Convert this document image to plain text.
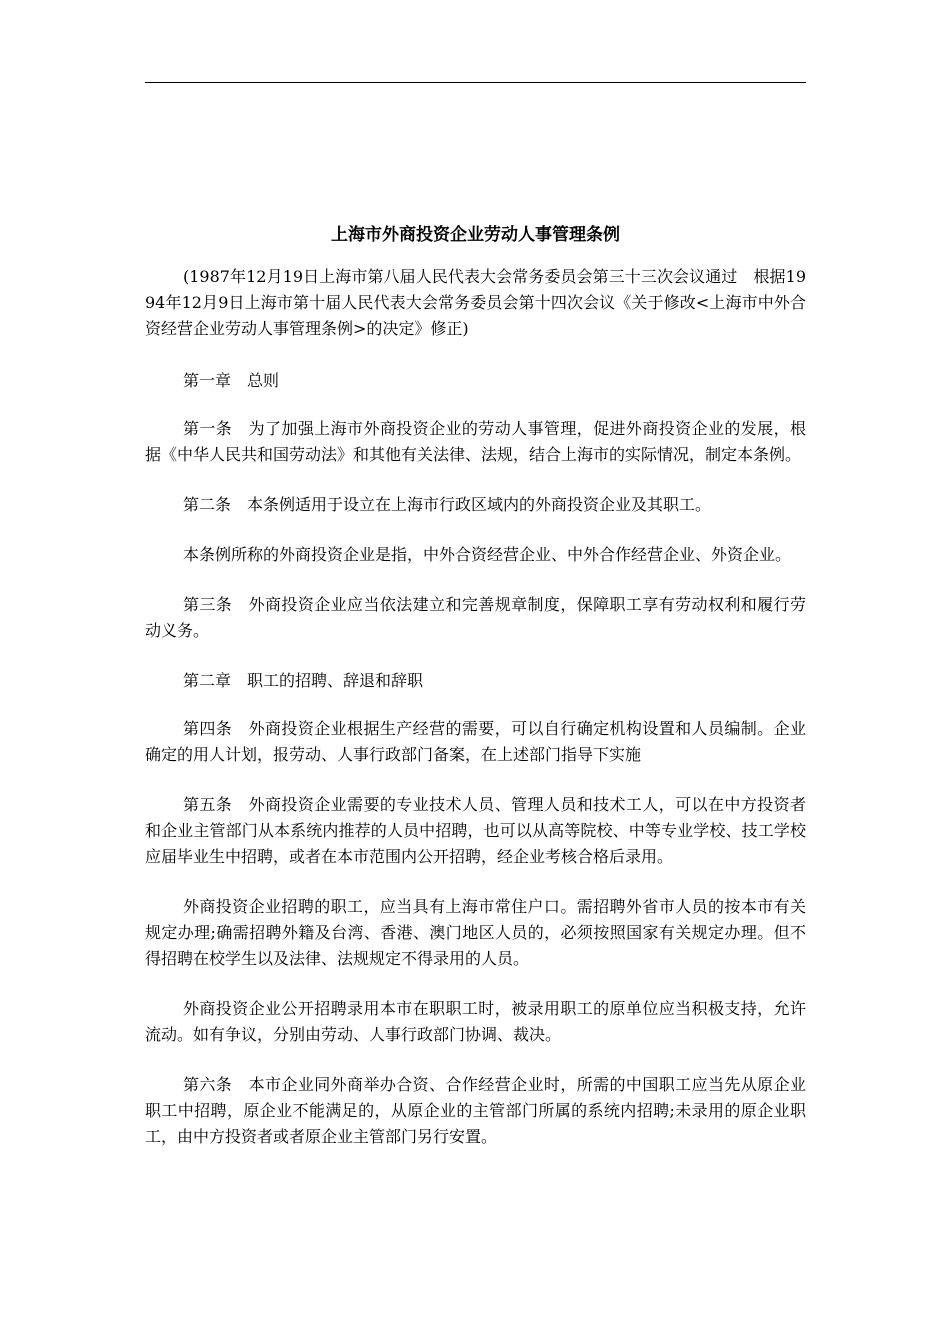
上海市外商投资企业劳动人事管理条例

(1987年12月19日上海市第八届人民代表大会常务委员会第三十三次会议通过　根据1994年12月9日上海市第十届人民代表大会常务委员会第十四次会议《关于修改<上海市中外合资经营企业劳动人事管理条例>的决定》修正)

第一章　总则

第一条　为了加强上海市外商投资企业的劳动人事管理，促进外商投资企业的发展，根据《中华人民共和国劳动法》和其他有关法律、法规，结合上海市的实际情况，制定本条例。

第二条　本条例适用于设立在上海市行政区域内的外商投资企业及其职工。

本条例所称的外商投资企业是指，中外合资经营企业、中外合作经营企业、外资企业。

第三条　外商投资企业应当依法建立和完善规章制度，保障职工享有劳动权利和履行劳动义务。

第二章　职工的招聘、辞退和辞职

第四条　外商投资企业根据生产经营的需要，可以自行确定机构设置和人员编制。企业确定的用人计划，报劳动、人事行政部门备案，在上述部门指导下实施

第五条　外商投资企业需要的专业技术人员、管理人员和技术工人，可以在中方投资者和企业主管部门从本系统内推荐的人员中招聘，也可以从高等院校、中等专业学校、技工学校应届毕业生中招聘，或者在本市范围内公开招聘，经企业考核合格后录用。

外商投资企业招聘的职工，应当具有上海市常住户口。需招聘外省市人员的按本市有关规定办理;确需招聘外籍及台湾、香港、澳门地区人员的，必须按照国家有关规定办理。但不得招聘在校学生以及法律、法规规定不得录用的人员。

外商投资企业公开招聘录用本市在职职工时，被录用职工的原单位应当积极支持，允许流动。如有争议，分别由劳动、人事行政部门协调、裁决。

第六条　本市企业同外商举办合资、合作经营企业时，所需的中国职工应当先从原企业职工中招聘，原企业不能满足的，从原企业的主管部门所属的系统内招聘;未录用的原企业职工，由中方投资者或者原企业主管部门另行安置。
